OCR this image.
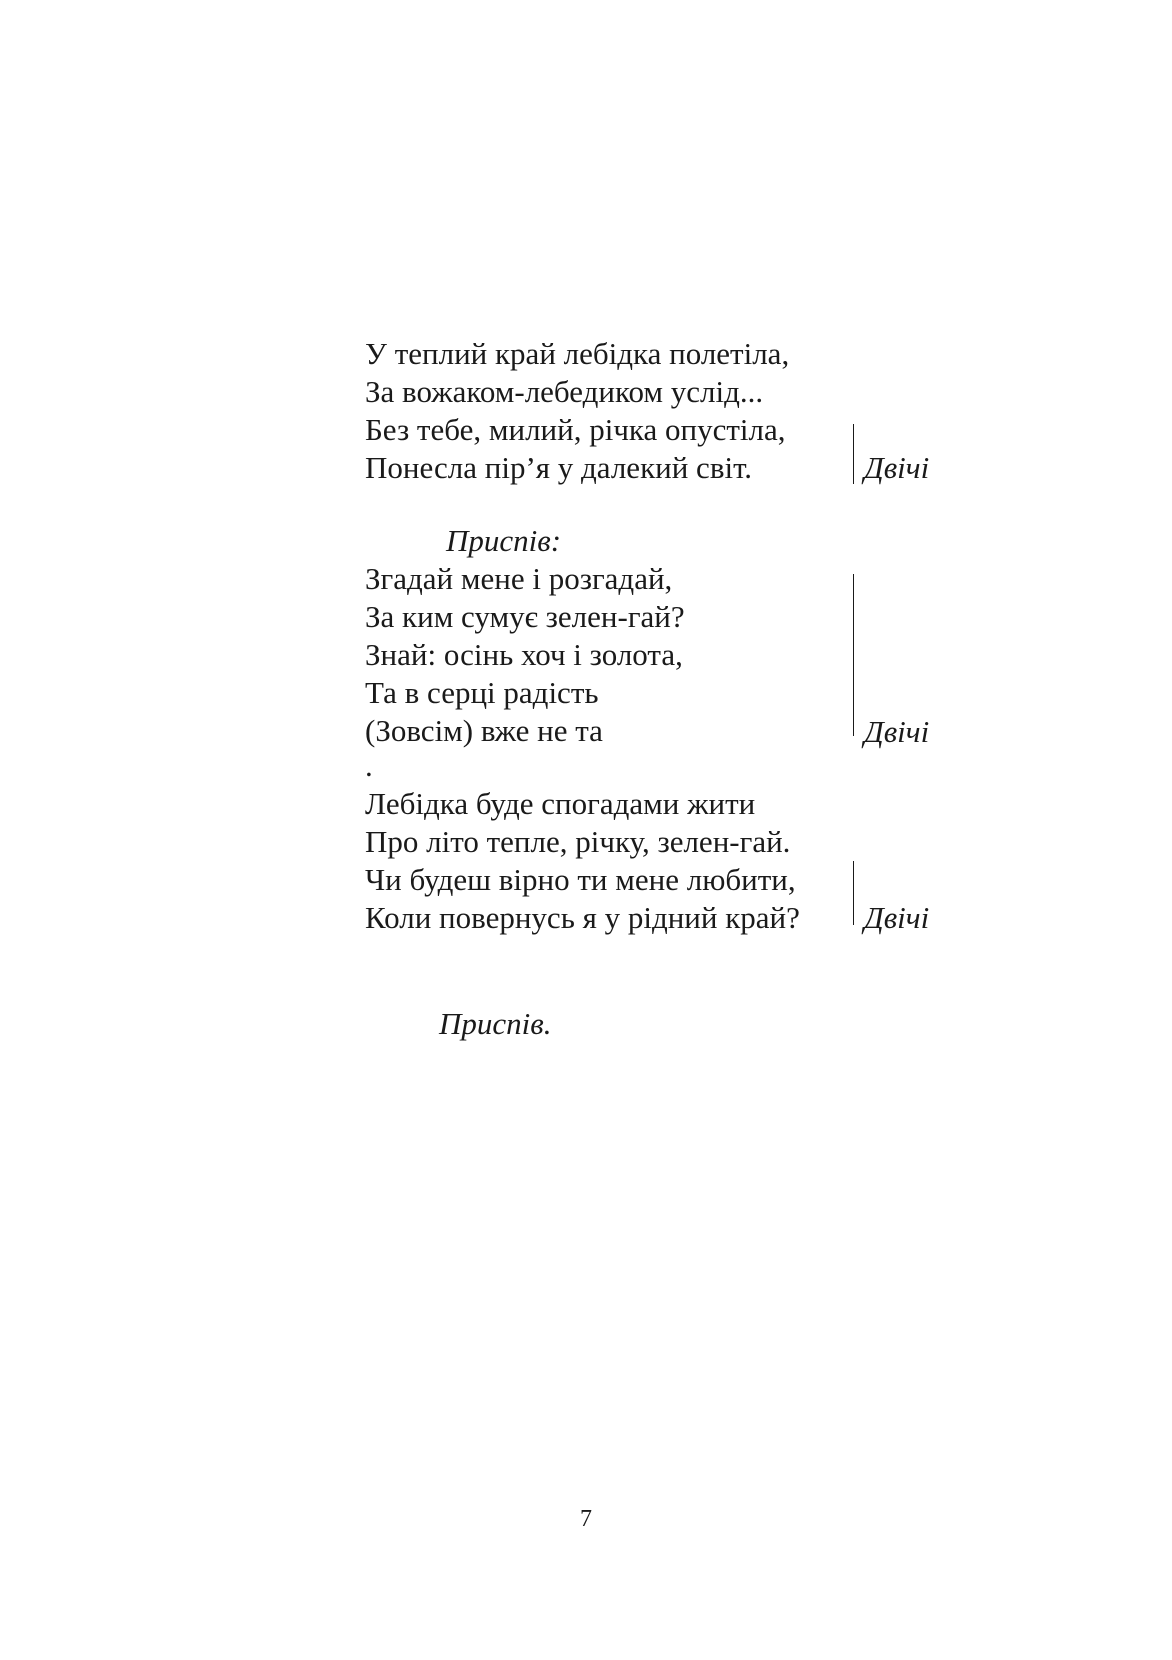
У теплий край лебідка полетіла,
За вожаком-лебедиком услід...
Без тебе, милий, річка опустіла,
Понесла пір’я у далекий світ.	Двічі
Приспів:
Згадай мене і розгадай,
За ким сумує зелен-гай?
Знай: осінь хоч і золота,
Та в серці радість
(Зовсім) вже не та	Двічі
.
Лебідка буде спогадами жити
Про літо тепле, річку, зелен-гай.
Чи будеш вірно ти мене любити,
Коли повернусь я у рідний край? Двічі
Приспів.
7
